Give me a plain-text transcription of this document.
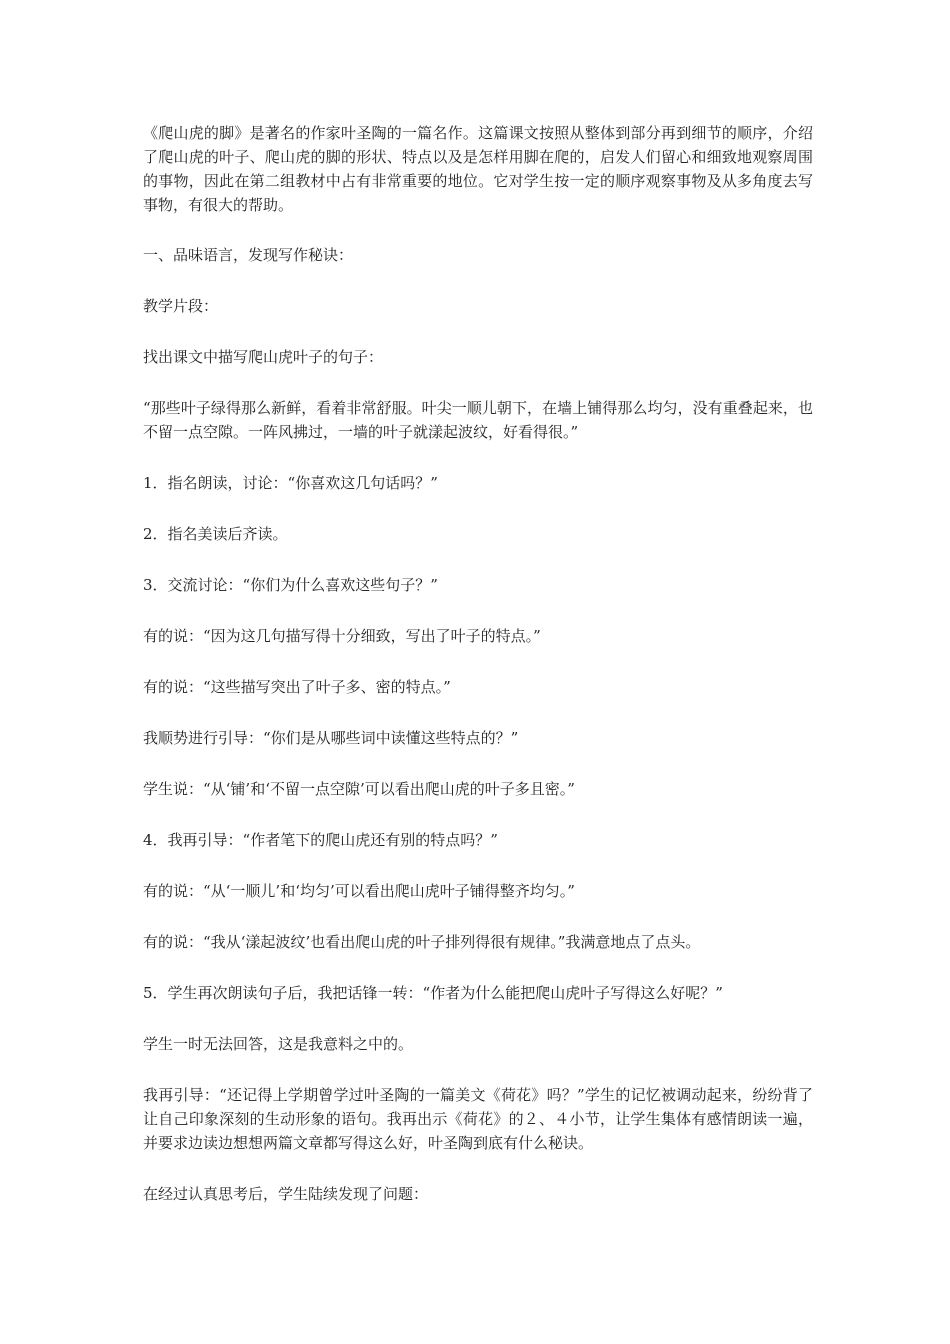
《爬山虎的脚》是著名的作家叶圣陶的一篇名作。这篇课文按照从整体到部分再到细节的顺序，介绍了爬山虎的叶子、爬山虎的脚的形状、特点以及是怎样用脚在爬的，启发人们留心和细致地观察周围的事物，因此在第二组教材中占有非常重要的地位。它对学生按一定的顺序观察事物及从多角度去写事物，有很大的帮助。

一、品味语言，发现写作秘诀：

教学片段：

找出课文中描写爬山虎叶子的句子：

“那些叶子绿得那么新鲜，看着非常舒服。叶尖一顺儿朝下，在墙上铺得那么均匀，没有重叠起来，也不留一点空隙。一阵风拂过，一墙的叶子就漾起波纹，好看得很。”

1．指名朗读，讨论：“你喜欢这几句话吗？”

2．指名美读后齐读。

3．交流讨论：“你们为什么喜欢这些句子？”

有的说：“因为这几句描写得十分细致，写出了叶子的特点。”

有的说：“这些描写突出了叶子多、密的特点。”

我顺势进行引导：“你们是从哪些词中读懂这些特点的？”

学生说：“从‘铺’和‘不留一点空隙’可以看出爬山虎的叶子多且密。”

4．我再引导：“作者笔下的爬山虎还有别的特点吗？”

有的说：“从‘一顺儿’和‘均匀’可以看出爬山虎叶子铺得整齐均匀。”

有的说：“我从‘漾起波纹’也看出爬山虎的叶子排列得很有规律。”我满意地点了点头。

5．学生再次朗读句子后，我把话锋一转：“作者为什么能把爬山虎叶子写得这么好呢？”

学生一时无法回答，这是我意料之中的。

我再引导：“还记得上学期曾学过叶圣陶的一篇美文《荷花》吗？”学生的记忆被调动起来，纷纷背了让自己印象深刻的生动形象的语句。我再出示《荷花》的２、４小节，让学生集体有感情朗读一遍，并要求边读边想想两篇文章都写得这么好，叶圣陶到底有什么秘诀。

在经过认真思考后，学生陆续发现了问题：
